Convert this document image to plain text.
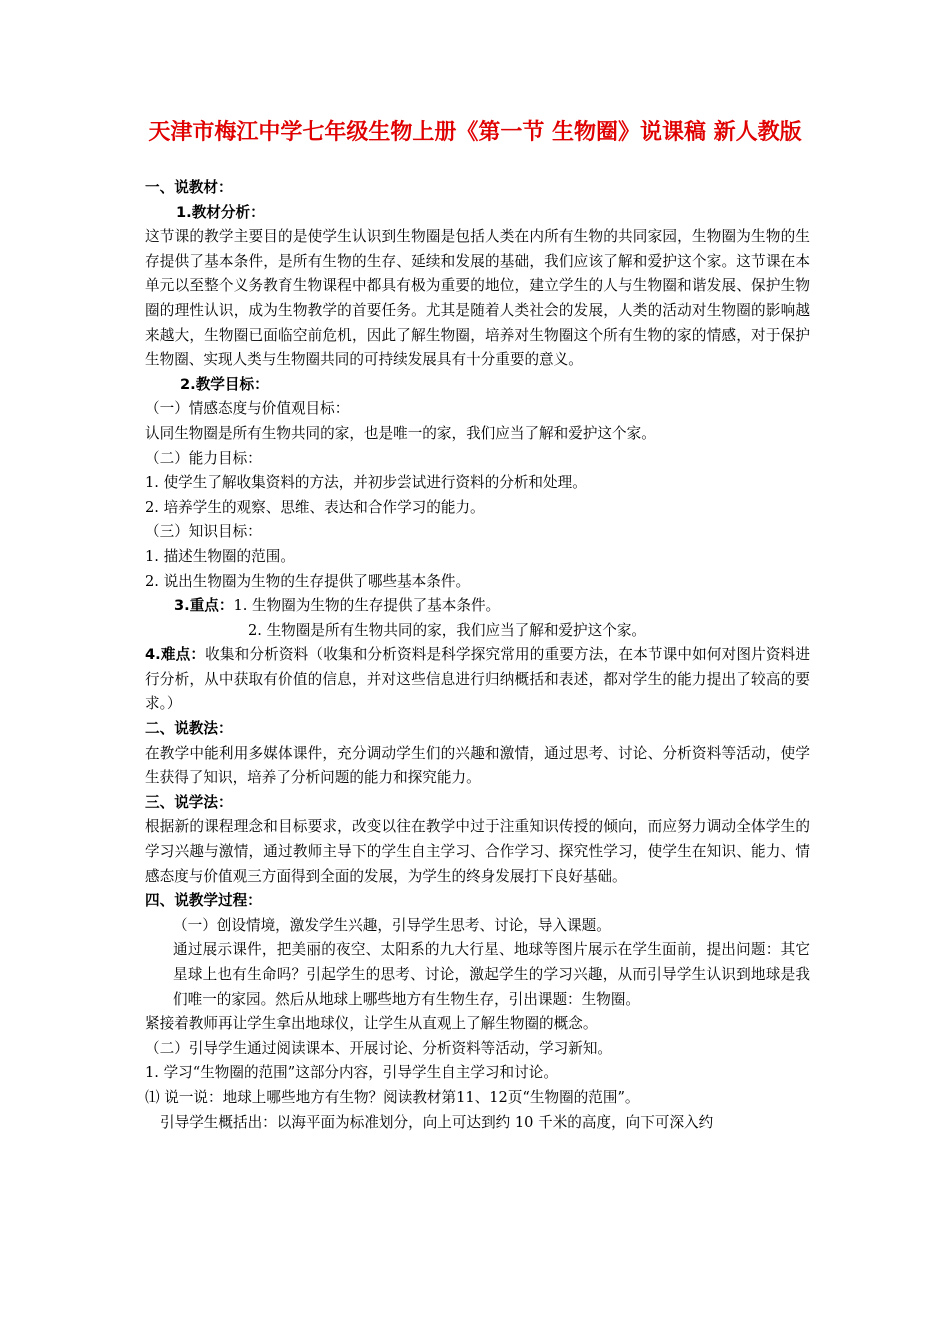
天津市梅江中学七年级生物上册《第一节 生物圈》说课稿 新人教版

一、说教材：

1.教材分析：

这节课的教学主要目的是使学生认识到生物圈是包括人类在内所有生物的共同家园，生物圈为生物的生存提供了基本条件，是所有生物的生存、延续和发展的基础，我们应该了解和爱护这个家。这节课在本单元以至整个义务教育生物课程中都具有极为重要的地位，建立学生的人与生物圈和谐发展、保护生物圈的理性认识，成为生物教学的首要任务。尤其是随着人类社会的发展，人类的活动对生物圈的影响越来越大，生物圈已面临空前危机，因此了解生物圈，培养对生物圈这个所有生物的家的情感，对于保护生物圈、实现人类与生物圈共同的可持续发展具有十分重要的意义。

2.教学目标：

（一）情感态度与价值观目标：

认同生物圈是所有生物共同的家，也是唯一的家，我们应当了解和爱护这个家。

（二）能力目标：

1. 使学生了解收集资料的方法，并初步尝试进行资料的分析和处理。

2. 培养学生的观察、思维、表达和合作学习的能力。

（三）知识目标：

1. 描述生物圈的范围。

2. 说出生物圈为生物的生存提供了哪些基本条件。

3.重点：1. 生物圈为生物的生存提供了基本条件。

2. 生物圈是所有生物共同的家，我们应当了解和爱护这个家。

4.难点：收集和分析资料（收集和分析资料是科学探究常用的重要方法，在本节课中如何对图片资料进行分析，从中获取有价值的信息，并对这些信息进行归纳概括和表述，都对学生的能力提出了较高的要求。）

二、说教法：

在教学中能利用多媒体课件，充分调动学生们的兴趣和激情，通过思考、讨论、分析资料等活动，使学生获得了知识，培养了分析问题的能力和探究能力。

三、说学法：

根据新的课程理念和目标要求，改变以往在教学中过于注重知识传授的倾向，而应努力调动全体学生的学习兴趣与激情，通过教师主导下的学生自主学习、合作学习、探究性学习，使学生在知识、能力、情感态度与价值观三方面得到全面的发展，为学生的终身发展打下良好基础。

四、说教学过程：

（一）创设情境，激发学生兴趣，引导学生思考、讨论，导入课题。

通过展示课件，把美丽的夜空、太阳系的九大行星、地球等图片展示在学生面前，提出问题：其它星球上也有生命吗？引起学生的思考、讨论，激起学生的学习兴趣，从而引导学生认识到地球是我们唯一的家园。然后从地球上哪些地方有生物生存，引出课题：生物圈。

紧接着教师再让学生拿出地球仪，让学生从直观上了解生物圈的概念。

（二）引导学生通过阅读课本、开展讨论、分析资料等活动，学习新知。

1. 学习“生物圈的范围”这部分内容，引导学生自主学习和讨论。

⑴ 说一说：地球上哪些地方有生物？阅读教材第11、12页“生物圈的范围”。

引导学生概括出：以海平面为标准划分，向上可达到约 10 千米的高度，向下可深入约
